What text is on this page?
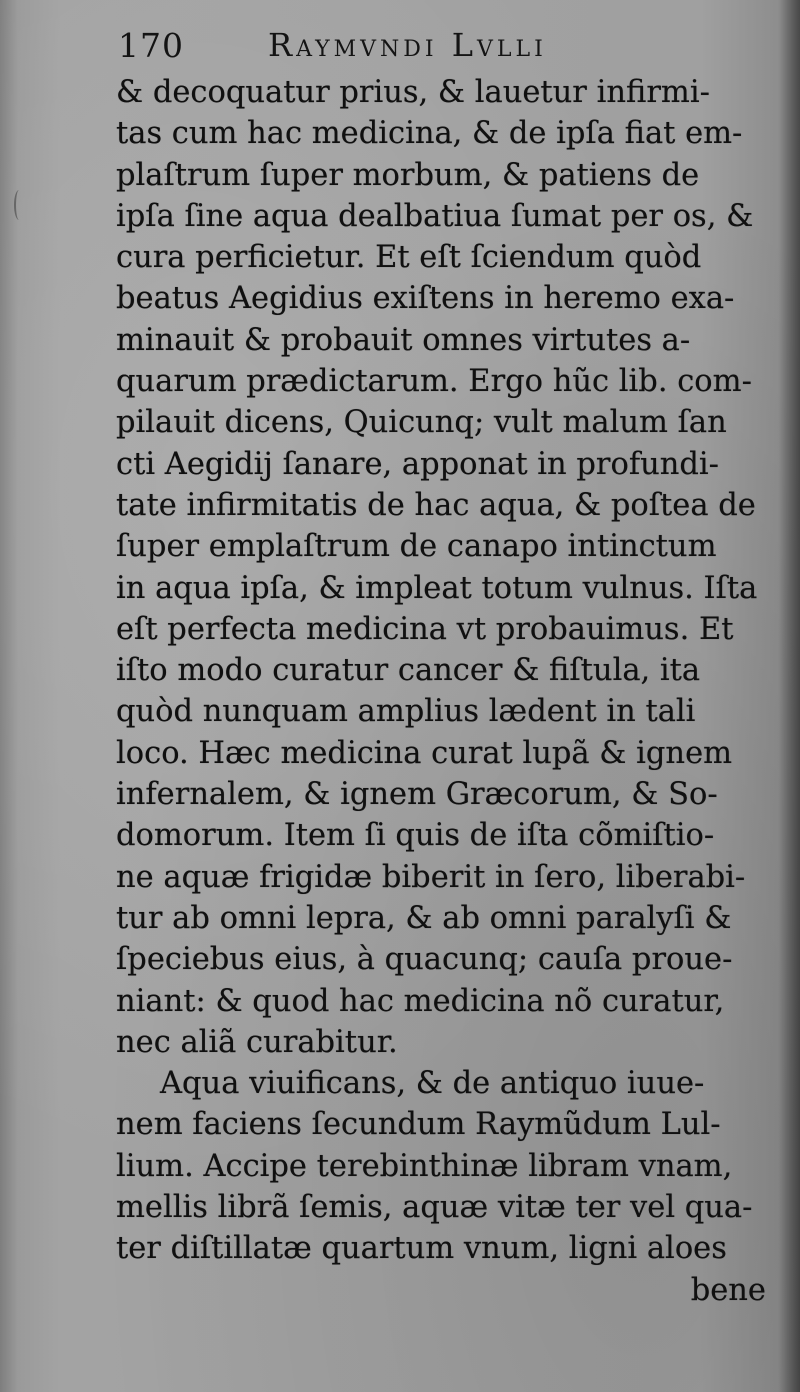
170	Raymvndi Lvlli
& decoquatur prius, & lauetur infirmi-
tas cum hac medicina, & de ipſa fiat em-
plaſtrum ſuper morbum, & patiens de
ipſa ſine aqua dealbatiua ſumat per os, &
cura perficietur. Et eſt ſciendum quòd
beatus Aegidius exiſtens in heremo exa-
minauit & probauit omnes virtutes a-
quarum prædictarum. Ergo hũc lib. com-
pilauit dicens, Quicunq; vult malum ſan
cti Aegidij ſanare, apponat in profundi-
tate infirmitatis de hac aqua, & poſtea de
ſuper emplaſtrum de canapo intinctum
in aqua ipſa, & impleat totum vulnus. Iſta
eſt perfecta medicina vt probauimus. Et
iſto modo curatur cancer & fiſtula, ita
quòd nunquam amplius lædent in tali
loco. Hæc medicina curat lupã & ignem
infernalem, & ignem Græcorum, & So-
domorum. Item ſi quis de iſta cõmiſtio-
ne aquæ frigidæ biberit in ſero, liberabi-
tur ab omni lepra, & ab omni paralyſi &
ſpeciebus eius, à quacunq; cauſa proue-
niant: & quod hac medicina nõ curatur,
nec aliã curabitur.
Aqua viuificans, & de antiquo iuue-
nem faciens ſecundum Raymũdum Lul-
lium. Accipe terebinthinæ libram vnam,
mellis librã ſemis, aquæ vitæ ter vel qua-
ter diſtillatæ quartum vnum, ligni aloes
bene
